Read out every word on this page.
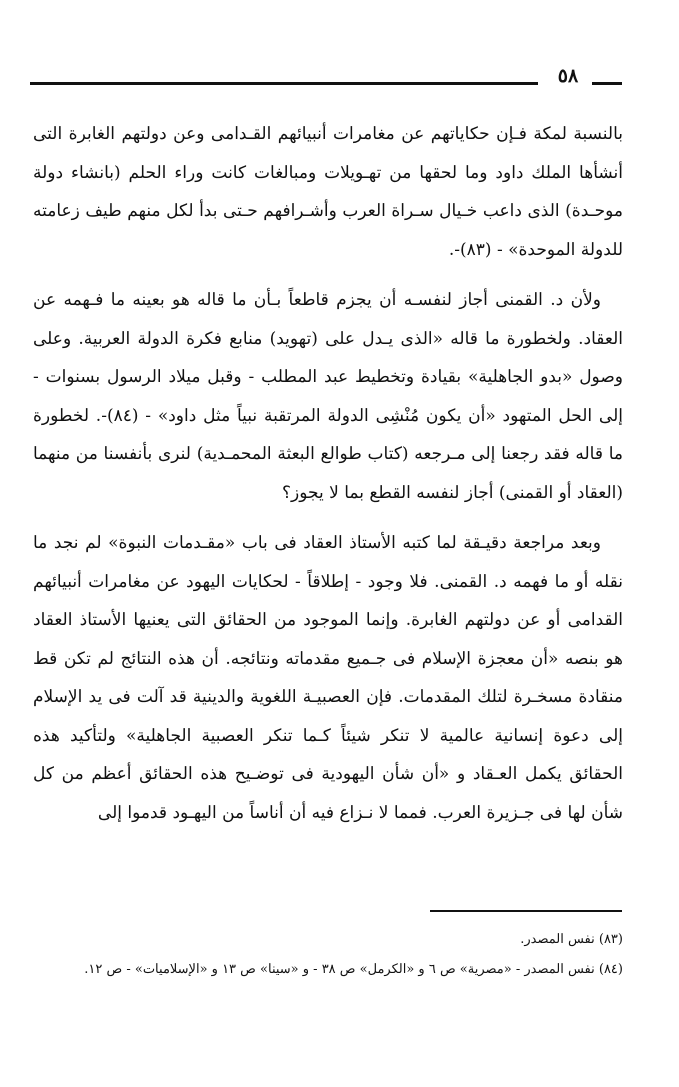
٥٨

بالنسبة لمكة فـإن حكاياتهم عن مغامرات أنبيائهم القـدامى وعن دولتهم الغابرة التى أنشأها الملك داود وما لحقها من تهـويلات ومبالغات كانت وراء الحلم (بانشاء دولة موحـدة) الذى داعب خـيال سـراة العرب وأشـرافهم حـتى بدأ لكل منهم طيف زعامته للدولة الموحدة» - (٨٣)-.

ولأن د. القمنى أجاز لنفسـه أن يجزم قاطعاً بـأن ما قاله هو بعينه ما فـهمه عن العقاد. ولخطورة ما قاله «الذى يـدل على (تهويد) منابع فكرة الدولة العربية. وعلى وصول «بدو الجاهلية» بقيادة وتخطيط عبد المطلب - وقبل ميلاد الرسول بسنوات - إلى الحل المتهود «أن يكون مُنْشِى الدولة المرتقبة نبياً مثل داود» - (٨٤)-. لخطورة ما قاله فقد رجعنا إلى مـرجعه (كتاب طوالع البعثة المحمـدية) لنرى بأنفسنا من منهما (العقاد أو القمنى) أجاز لنفسه القطع بما لا يجوز؟

وبعد مراجعة دقيـقة لما كتبه الأستاذ العقاد فى باب «مقـدمات النبوة» لم نجد ما نقله أو ما فهمه د. القمنى. فلا وجود - إطلاقاً - لحكايات اليهود عن مغامرات أنبيائهم القدامى أو عن دولتهم الغابرة. وإنما الموجود من الحقائق التى يعنيها الأستاذ العقاد هو بنصه «أن معجزة الإسلام فى جـميع مقدماته ونتائجه. أن هذه النتائج لم تكن قط منقادة مسخـرة لتلك المقدمات. فإن العصبيـة اللغوية والدينية قد آلت فى يد الإسلام إلى دعوة إنسانية عالمية لا تنكر شيئاً كـما تنكر العصبية الجاهلية» ولتأكيد هذه الحقائق يكمل العـقاد و «أن شأن اليهودية فى توضـيح هذه الحقائق أعظم من كل شأن لها فى جـزيرة العرب. فمما لا نـزاع فيه أن أناساً من اليهـود قدموا إلى

(٨٣) نفس المصدر.

(٨٤) نفس المصدر - «مصرية» ص ٦ و «الكرمل» ص ٣٨ - و «سينا» ص ١٣ و «الإسلاميات» - ص ١٢.
